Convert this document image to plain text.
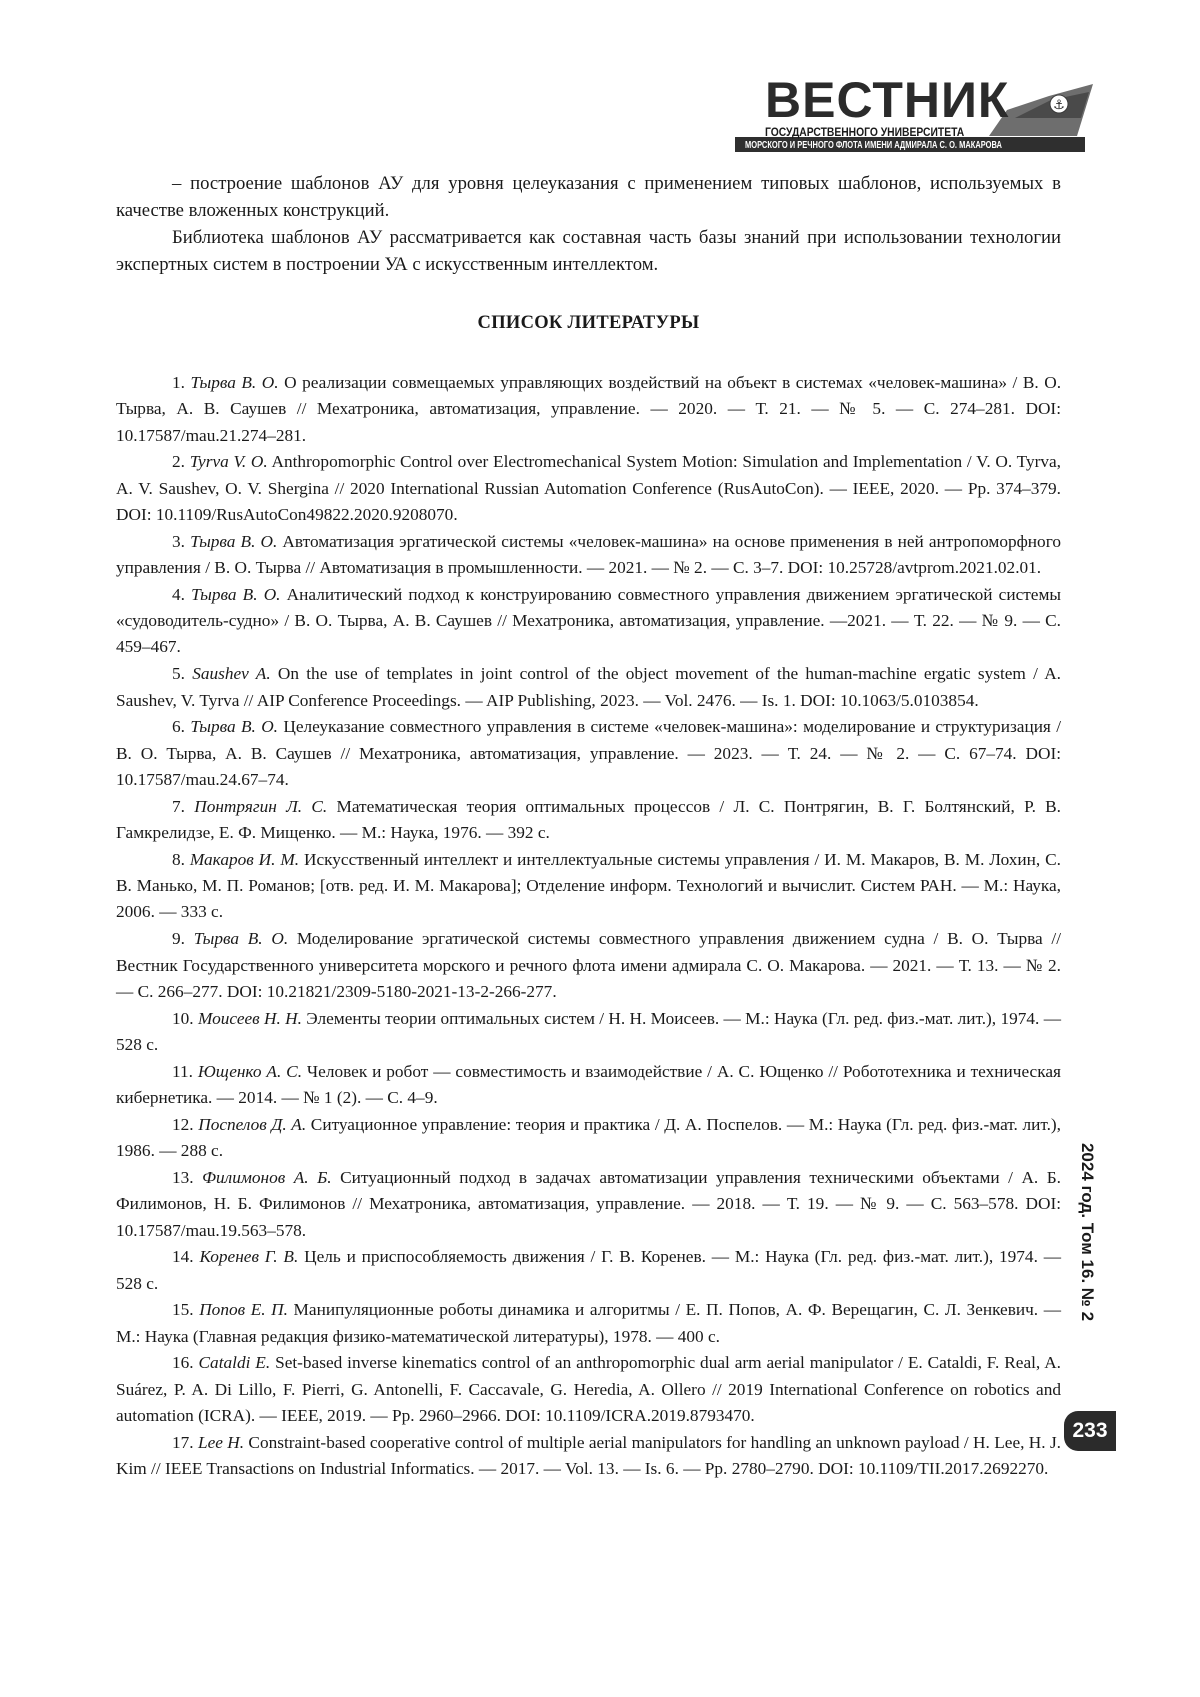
⚓
ВЕСТНИК
ГОСУДАРСТВЕННОГО УНИВЕРСИТЕТА
МОРСКОГО И РЕЧНОГО ФЛОТА ИМЕНИ АДМИРАЛА С. О. МАКАРОВА

– построение шаблонов АУ для уровня целеуказания с применением типовых шаблонов, используемых в качестве вложенных конструкций.

Библиотека шаблонов АУ рассматривается как составная часть базы знаний при использовании технологии экспертных систем в построении УА с искусственным интеллектом.

СПИСОК ЛИТЕРАТУРЫ

1. Тырва В. О. О реализации совмещаемых управляющих воздействий на объект в системах «человек-машина» / В. О. Тырва, А. В. Саушев // Мехатроника, автоматизация, управление. — 2020. — Т. 21. — № 5. — С. 274–281. DOI: 10.17587/mau.21.274–281.

2. Tyrva V. O. Anthropomorphic Control over Electromechanical System Motion: Simulation and Implementation / V. O. Tyrva, A. V. Saushev, O. V. Shergina // 2020 International Russian Automation Conference (RusAutoCon). — IEEE, 2020. — Pp. 374–379. DOI: 10.1109/RusAutoCon49822.2020.9208070.

3. Тырва В. О. Автоматизация эргатической системы «человек-машина» на основе применения в ней антропоморфного управления / В. О. Тырва // Автоматизация в промышленности. — 2021. — № 2. — С. 3–7. DOI: 10.25728/avtprom.2021.02.01.

4. Тырва В. О. Аналитический подход к конструированию совместного управления движением эргатической системы «судоводитель-судно» / В. О. Тырва, А. В. Саушев // Мехатроника, автоматизация, управление. —2021. — Т. 22. — № 9. — С. 459–467.

5. Saushev A. On the use of templates in joint control of the object movement of the human-machine ergatic system / A. Saushev, V. Tyrva // AIP Conference Proceedings. — AIP Publishing, 2023. — Vol. 2476. — Is. 1. DOI: 10.1063/5.0103854.

6. Тырва В. О. Целеуказание совместного управления в системе «человек-машина»: моделирование и структуризация / В. О. Тырва, А. В. Саушев // Мехатроника, автоматизация, управление. — 2023. — Т. 24. — № 2. — С. 67–74. DOI: 10.17587/mau.24.67–74.

7. Понтрягин Л. С. Математическая теория оптимальных процессов / Л. С. Понтрягин, В. Г. Болтянский, Р. В. Гамкрелидзе, Е. Ф. Мищенко. — М.: Наука, 1976. — 392 с.

8. Макаров И. М. Искусственный интеллект и интеллектуальные системы управления / И. М. Макаров, В. М. Лохин, С. В. Манько, М. П. Романов; [отв. ред. И. М. Макарова]; Отделение информ. Технологий и вычислит. Систем РАН. — М.: Наука, 2006. — 333 с.

9. Тырва В. О. Моделирование эргатической системы совместного управления движением судна / В. О. Тырва // Вестник Государственного университета морского и речного флота имени адмирала С. О. Макарова. — 2021. — Т. 13. — № 2. — С. 266–277. DOI: 10.21821/2309-5180-2021-13-2-266-277.

10. Моисеев Н. Н. Элементы теории оптимальных систем / Н. Н. Моисеев. — М.: Наука (Гл. ред. физ.-мат. лит.), 1974. — 528 с.

11. Ющенко А. С. Человек и робот — совместимость и взаимодействие / А. С. Ющенко // Робототехника и техническая кибернетика. — 2014. — № 1 (2). — С. 4–9.

12. Поспелов Д. А. Ситуационное управление: теория и практика / Д. А. Поспелов. — М.: Наука (Гл. ред. физ.-мат. лит.), 1986. — 288 с.

13. Филимонов А. Б. Ситуационный подход в задачах автоматизации управления техническими объектами / А. Б. Филимонов, Н. Б. Филимонов // Мехатроника, автоматизация, управление. — 2018. — Т. 19. — № 9. — С. 563–578. DOI: 10.17587/mau.19.563–578.

14. Коренев Г. В. Цель и приспособляемость движения / Г. В. Коренев. — М.: Наука (Гл. ред. физ.-мат. лит.), 1974. — 528 с.

15. Попов Е. П. Манипуляционные роботы динамика и алгоритмы / Е. П. Попов, А. Ф. Верещагин, С. Л. Зенкевич. — М.: Наука (Главная редакция физико-математической литературы), 1978. — 400 с.

16. Cataldi E. Set-based inverse kinematics control of an anthropomorphic dual arm aerial manipulator / E. Cataldi, F. Real, A. Suárez, P. A. Di Lillo, F. Pierri, G. Antonelli, F. Caccavale, G. Heredia, A. Ollero // 2019 International Conference on robotics and automation (ICRA). — IEEE, 2019. — Pp. 2960–2966. DOI: 10.1109/ICRA.2019.8793470.

17. Lee H. Constraint-based cooperative control of multiple aerial manipulators for handling an unknown payload / H. Lee, H. J. Kim // IEEE Transactions on Industrial Informatics. — 2017. — Vol. 13. — Is. 6. — Pp. 2780–2790. DOI: 10.1109/TII.2017.2692270.

2024 год. Том 16. № 2
233
